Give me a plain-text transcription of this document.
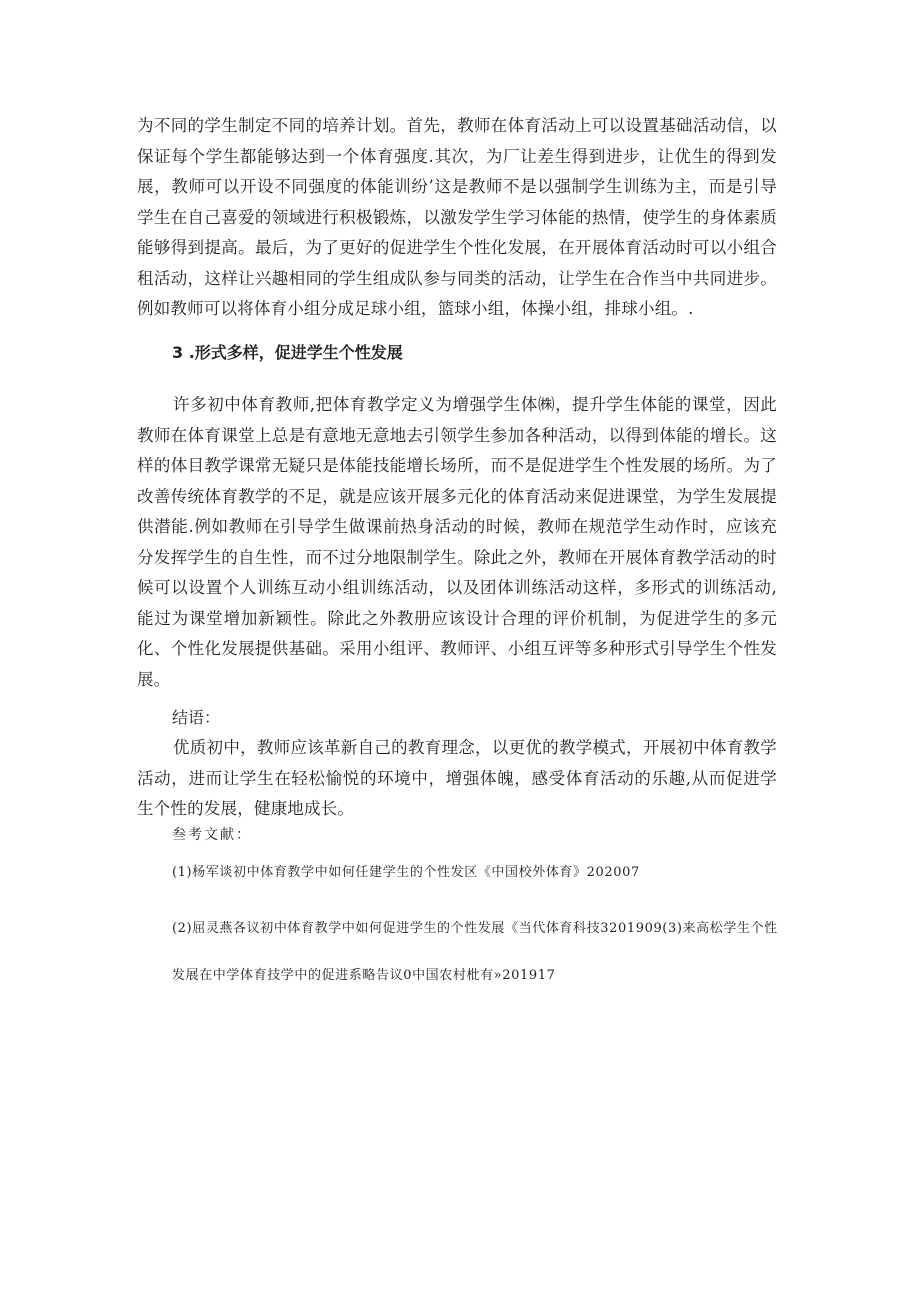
为不同的学生制定不同的培养计划。首先，教师在体育活动上可以设置基础活动信，以保证每个学生都能够达到一个体育强度.其次，为厂让差生得到进步，让优生的得到发展，教师可以开设不同强度的体能训纷’这是教师不是以强制学生训练为主，而是引导学生在自己喜爱的领域进行积极锻炼，以激发学生学习体能的热情，使学生的身体素质能够得到提高。最后，为了更好的促进学生个性化发展，在开展体育活动时可以小组合租活动，这样让兴趣相同的学生组成队参与同类的活动，让学生在合作当中共同进步。例如教师可以将体育小组分成足球小组，篮球小组，体操小组，排球小组。.

3 .形式多样，促进学生个性发展

许多初中体育教师,把体育教学定义为增强学生体㈱，提升学生体能的课堂，因此教师在体育课堂上总是有意地无意地去引领学生参加各种活动，以得到体能的增长。这样的体目教学课常无疑只是体能技能增长场所，而不是促进学生个性发展的场所。为了改善传统体育教学的不足，就是应该开展多元化的体育活动来促进课堂，为学生发展提供潜能.例如教师在引导学生做课前热身活动的时候，教师在规范学生动作时，应该充分发挥学生的自生性，而不过分地限制学生。除此之外，教师在开展体育教学活动的时候可以设置个人训练互动小组训练活动，以及团体训练活动这样，多形式的训练活动,能过为课堂增加新颖性。除此之外教册应该设计合理的评价机制，为促进学生的多元化、个性化发展提供基础。采用小组评、教师评、小组互评等多种形式引导学生个性发展。

结语：

优质初中，教师应该革新自己的教育理念，以更优的教学模式，开展初中体育教学活动，进而让学生在轻松愉悦的环境中，增强体魄，感受体育活动的乐趣,从而促进学生个性的发展，健康地成长。

叁考文献：

(1)杨军谈初中体育教学中如何任建学生的个性发区《中国校外体育》202007

(2)屈灵燕各议初中体育教学中如何促进学生的个性发展《当代体育科技3201909(3)来高松学生个性发展在中学体育技学中的促进系略告议0中国农村枇有»201917
